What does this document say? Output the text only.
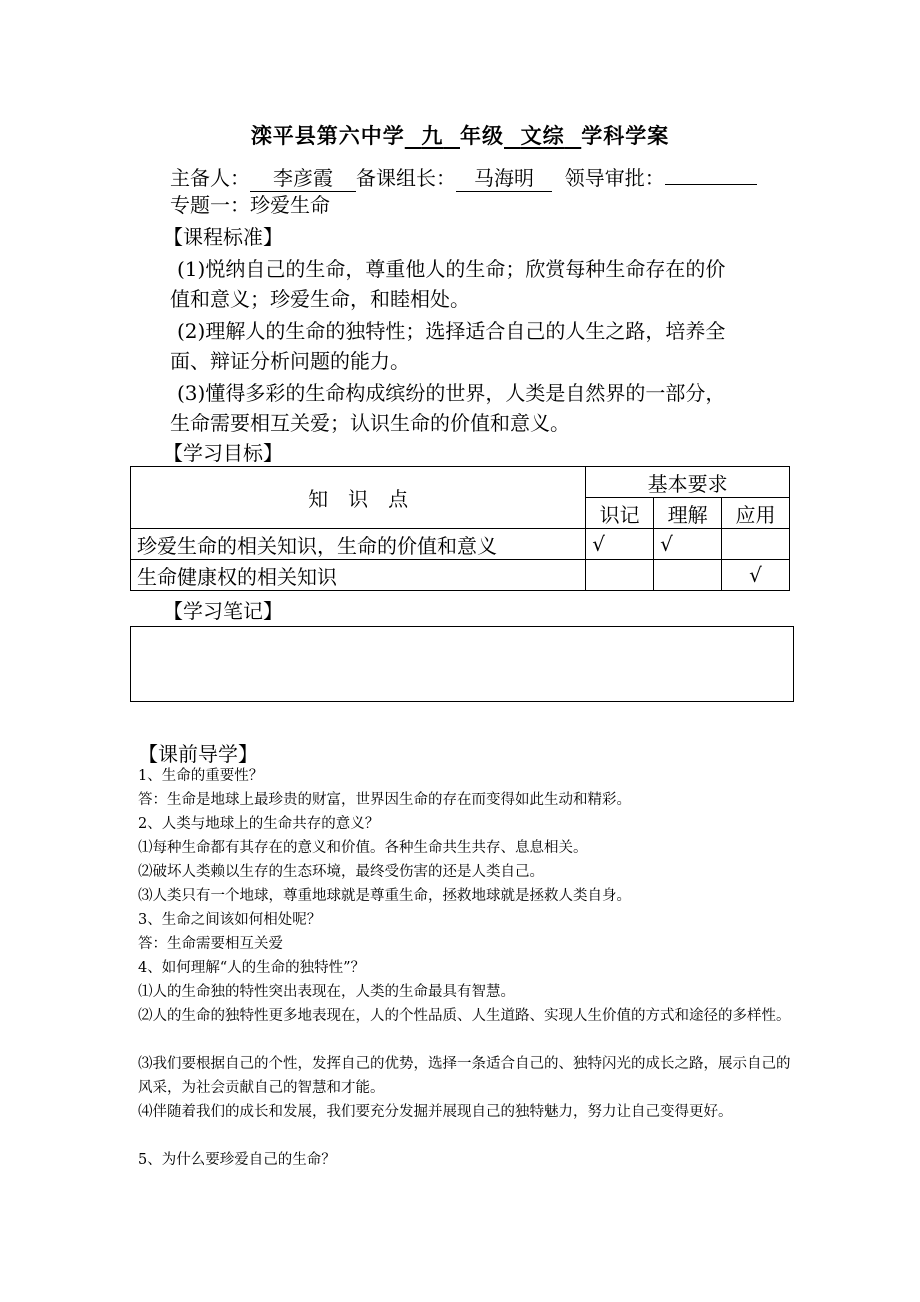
滦平县第六中学 九 年级 文综 学科学案
主备人： 李彦霞 备课组长： 马海明 领导审批：
专题一：珍爱生命
【课程标准】
(1)悦纳自己的生命，尊重他人的生命；欣赏每种生命存在的价
值和意义；珍爱生命，和睦相处。
(2)理解人的生命的独特性；选择适合自己的人生之路，培养全
面、辩证分析问题的能力。
(3)懂得多彩的生命构成缤纷的世界，人类是自然界的一部分，
生命需要相互关爱；认识生命的价值和意义。
【学习目标】
知　识　点	基本要求		
	识记	理解	应用
珍爱生命的相关知识，生命的价值和意义	√	√	
生命健康权的相关知识			√
【学习笔记】
【课前导学】
1、生命的重要性？
答：生命是地球上最珍贵的财富，世界因生命的存在而变得如此生动和精彩。
2、人类与地球上的生命共存的意义？
⑴每种生命都有其存在的意义和价值。各种生命共生共存、息息相关。
⑵破坏人类赖以生存的生态环境，最终受伤害的还是人类自己。
⑶人类只有一个地球，尊重地球就是尊重生命，拯救地球就是拯救人类自身。
3、生命之间该如何相处呢？
答：生命需要相互关爱
4、如何理解“人的生命的独特性”？
⑴人的生命独的特性突出表现在，人类的生命最具有智慧。
⑵人的生命的独特性更多地表现在，人的个性品质、人生道路、实现人生价值的方式和途径的多样性。
⑶我们要根据自己的个性，发挥自己的优势，选择一条适合自己的、独特闪光的成长之路，展示自己的风采，为社会贡献自己的智慧和才能。
⑷伴随着我们的成长和发展，我们要充分发掘并展现自己的独特魅力，努力让自己变得更好。
5、为什么要珍爱自己的生命？
